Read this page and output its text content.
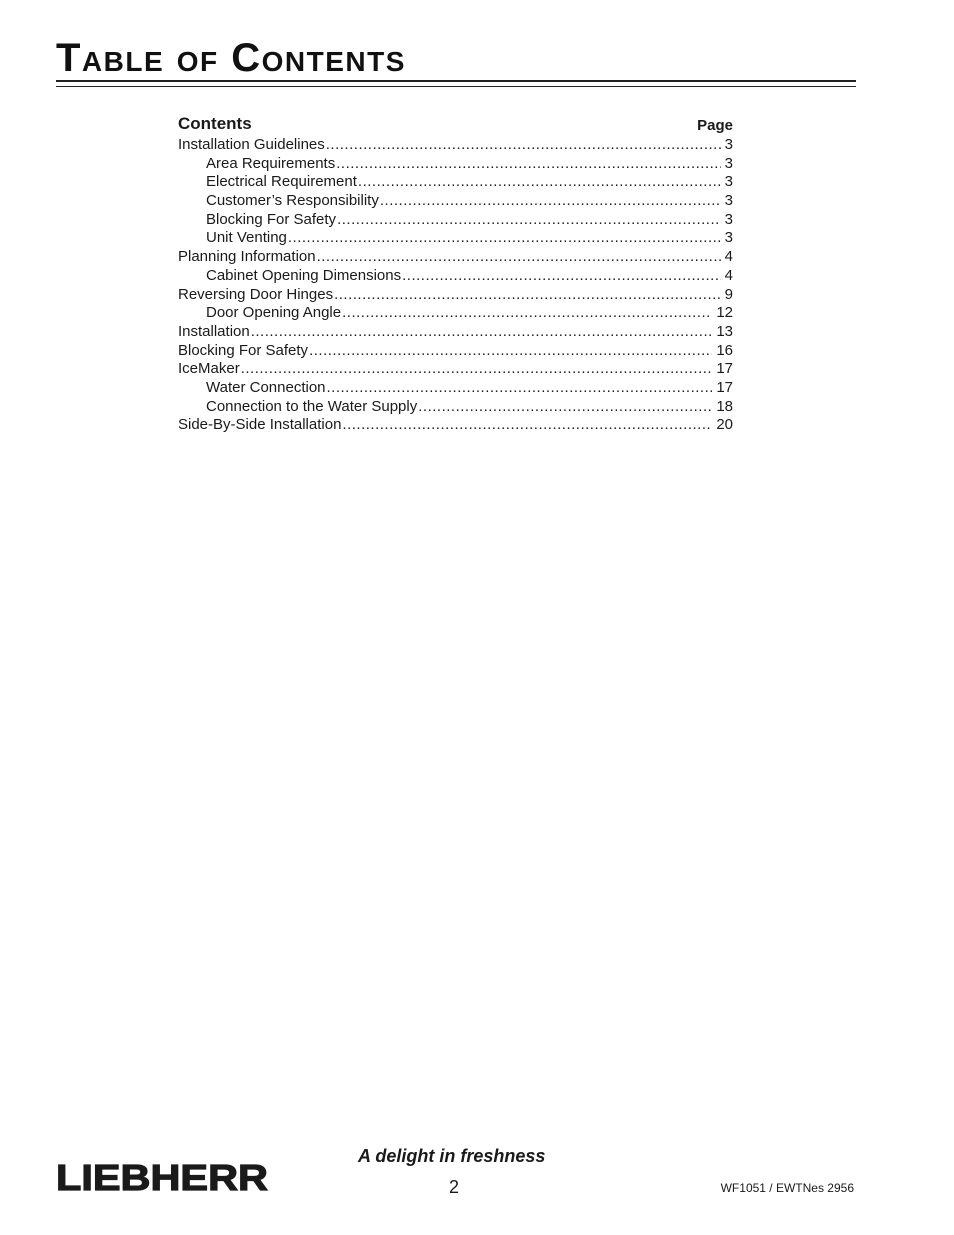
Table of Contents
Contents	Page
Installation Guidelines .....	3
Area Requirements .....	3
Electrical Requirement .....	3
Customer’s Responsibility .....	3
Blocking For Safety .....	3
Unit Venting .....	3
Planning Information .....	4
Cabinet Opening Dimensions .....	4
Reversing Door Hinges .....	9
Door Opening Angle .....	12
Installation .....	13
Blocking For Safety .....	16
IceMaker .....	17
Water Connection .....	17
Connection to the Water Supply .....	18
Side-By-Side Installation .....	20
A delight in freshness
2	WF1051 / EWTNes 2956
LIEBHERR
